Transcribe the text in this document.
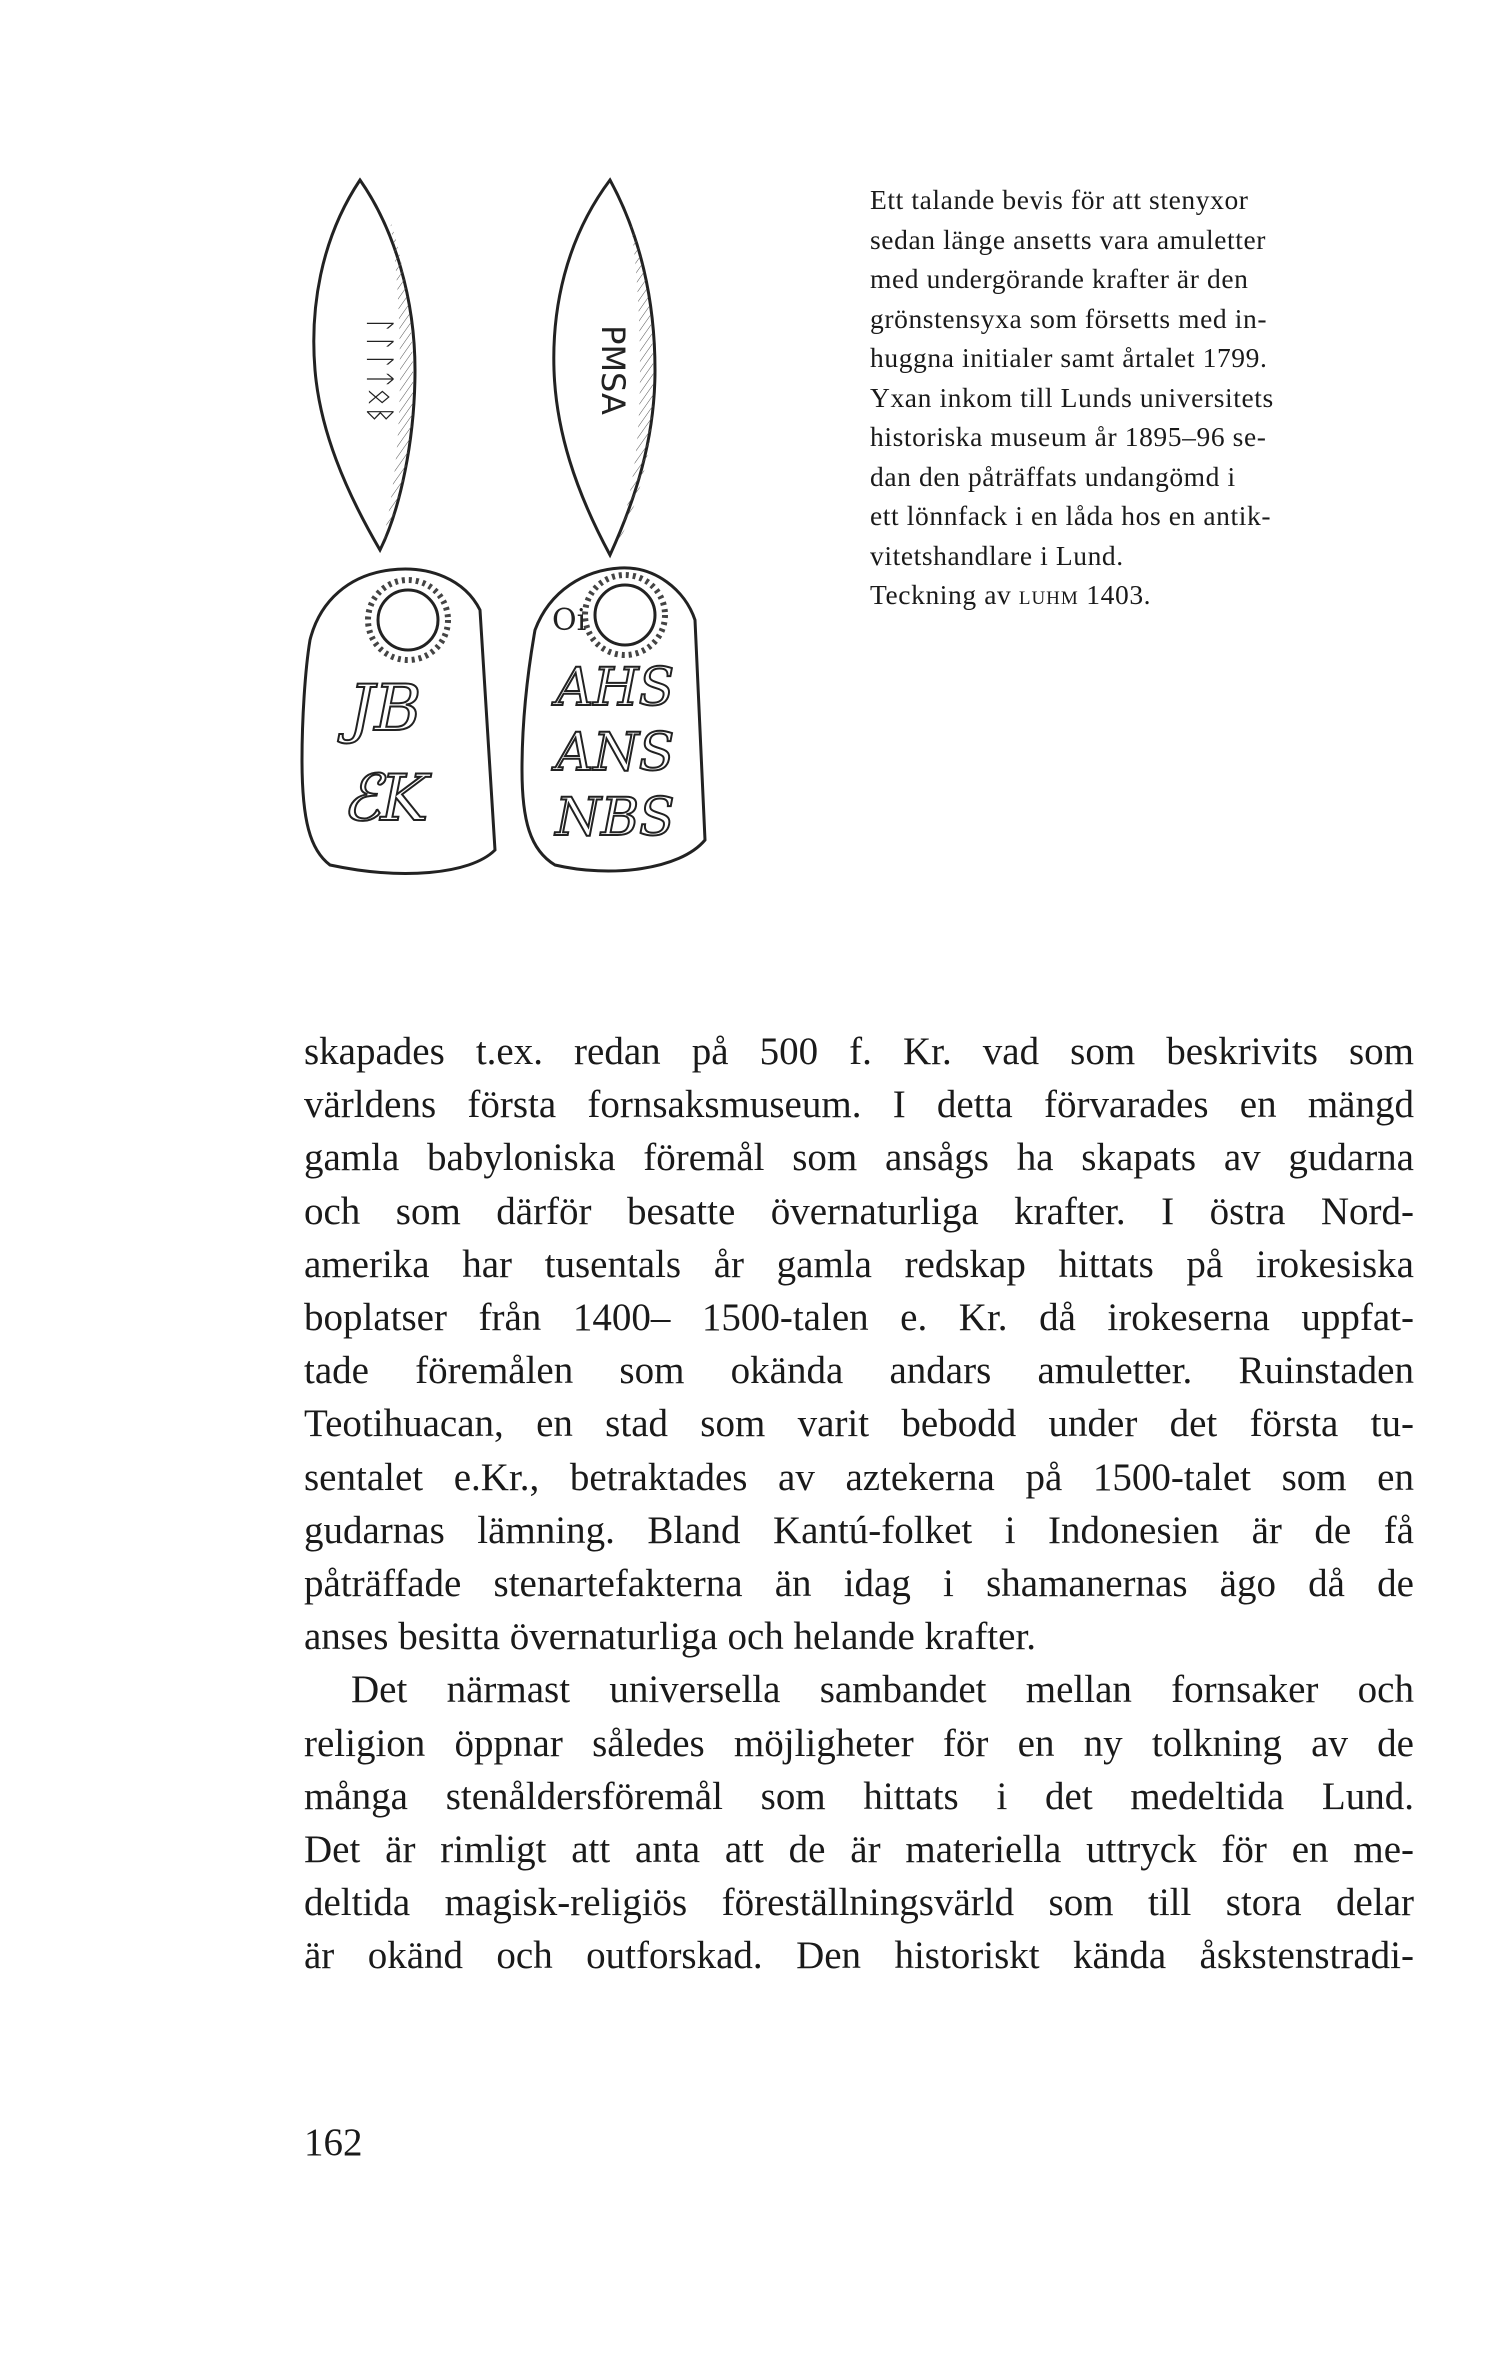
ᛚᛚᛚᛏᛟᛒ	PMSA
JB
ℰK
Oi
AHS
ANS
NBS
Ett talande bevis för att stenyxor
sedan länge ansetts vara amuletter
med undergörande krafter är den
grönstensyxa som försetts med in-
huggna initialer samt årtalet 1799.
Yxan inkom till Lunds universitets
historiska museum år 1895–96 se-
dan den påträffats undangömd i
ett lönnfack i en låda hos en antik-
vitetshandlare i Lund.
Teckning av luhm 1403.
skapades t.ex. redan på 500 f. Kr. vad som beskrivits som
världens första fornsaksmuseum. I detta förvarades en mängd
gamla babyloniska föremål som ansågs ha skapats av gudarna
och som därför besatte övernaturliga krafter. I östra Nord-
amerika har tusentals år gamla redskap hittats på irokesiska
boplatser från 1400– 1500-talen e. Kr. då irokeserna uppfat-
tade föremålen som okända andars amuletter. Ruinstaden
Teotihuacan, en stad som varit bebodd under det första tu-
sentalet e.Kr., betraktades av aztekerna på 1500-talet som en
gudarnas lämning. Bland Kantú-folket i Indonesien är de få
påträffade stenartefakterna än idag i shamanernas ägo då de
anses besitta övernaturliga och helande krafter.
Det närmast universella sambandet mellan fornsaker och
religion öppnar således möjligheter för en ny tolkning av de
många stenåldersföremål som hittats i det medeltida Lund.
Det är rimligt att anta att de är materiella uttryck för en me-
deltida magisk-religiös föreställningsvärld som till stora delar
är okänd och outforskad. Den historiskt kända åskstenstradi-
162
